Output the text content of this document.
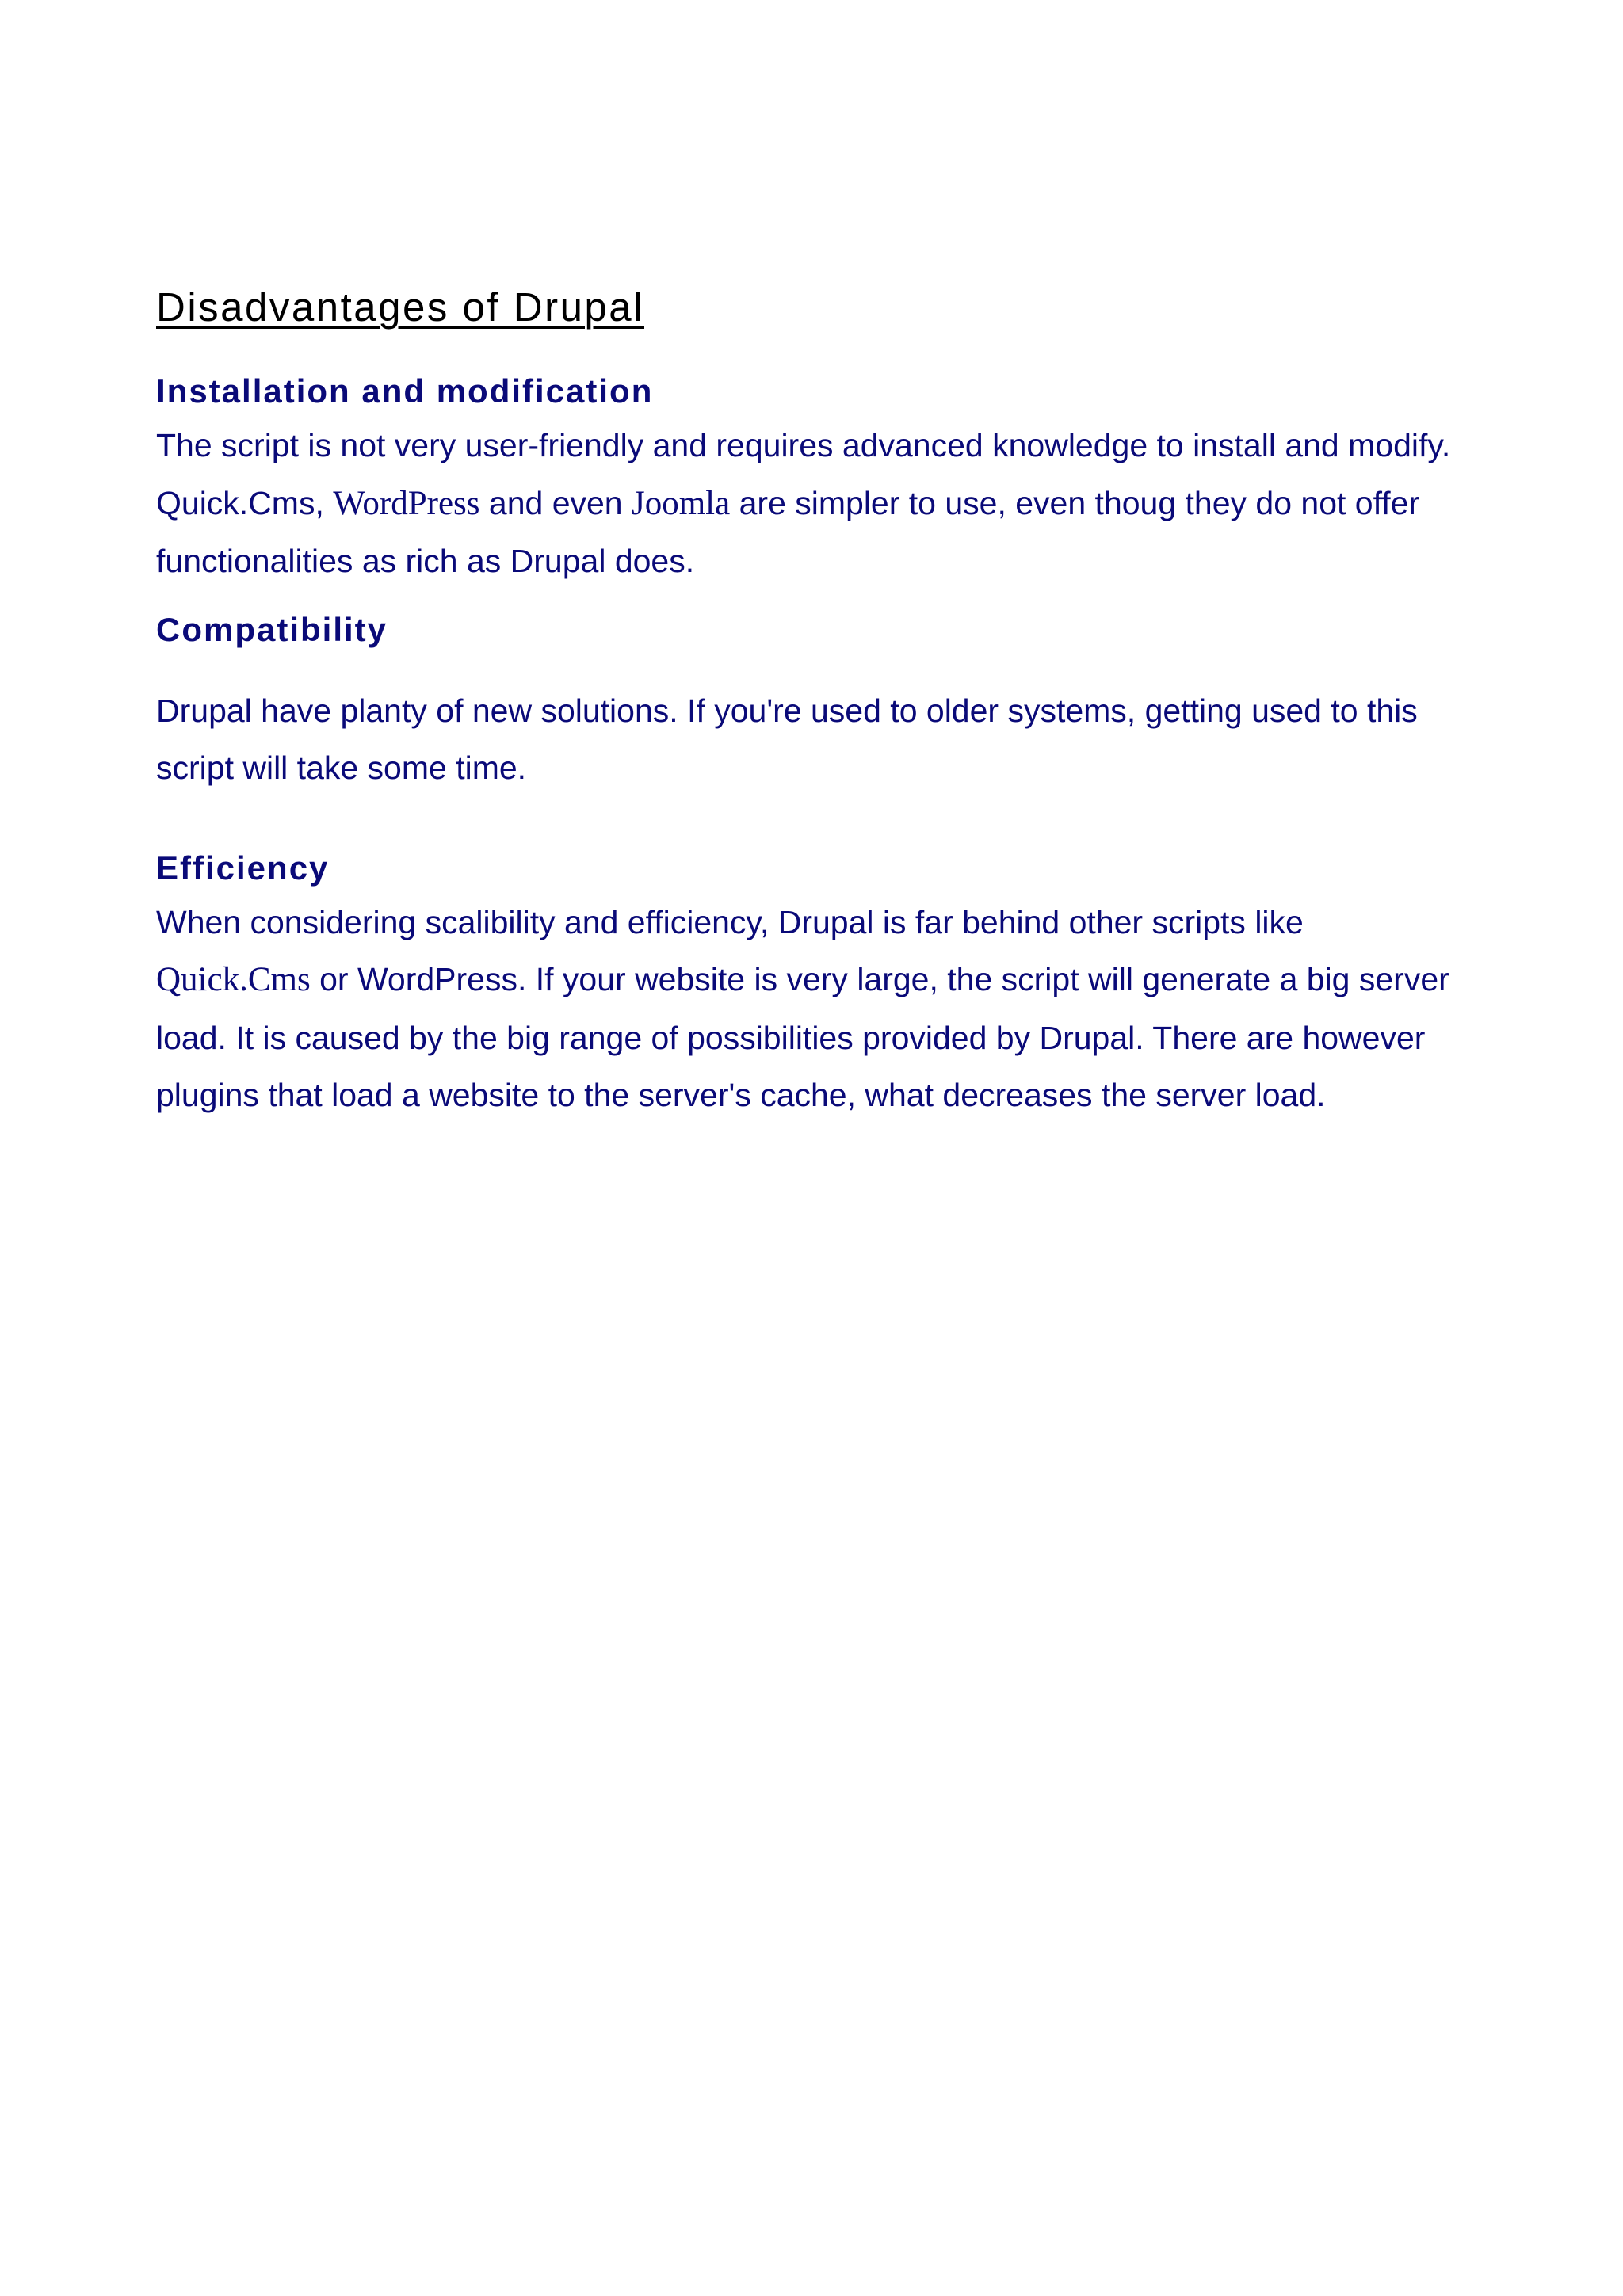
Disadvantages of Drupal
Installation and modification

The script is not very user-friendly and requires advanced knowledge to install and modify.
Quick.Cms, WordPress and even Joomla are simpler to use, even thoug they do not offer
functionalities as rich as Drupal does.

Compatibility

Drupal have planty of new solutions. If you're used to older systems, getting used to this
script will take some time.

Efficiency

When considering scalibility and efficiency, Drupal is far behind other scripts like
Quick.Cms or WordPress. If your website is very large, the script will generate a big server
load. It is caused by the big range of possibilities provided by Drupal. There are however
plugins that load a website to the server's cache, what decreases the server load.
